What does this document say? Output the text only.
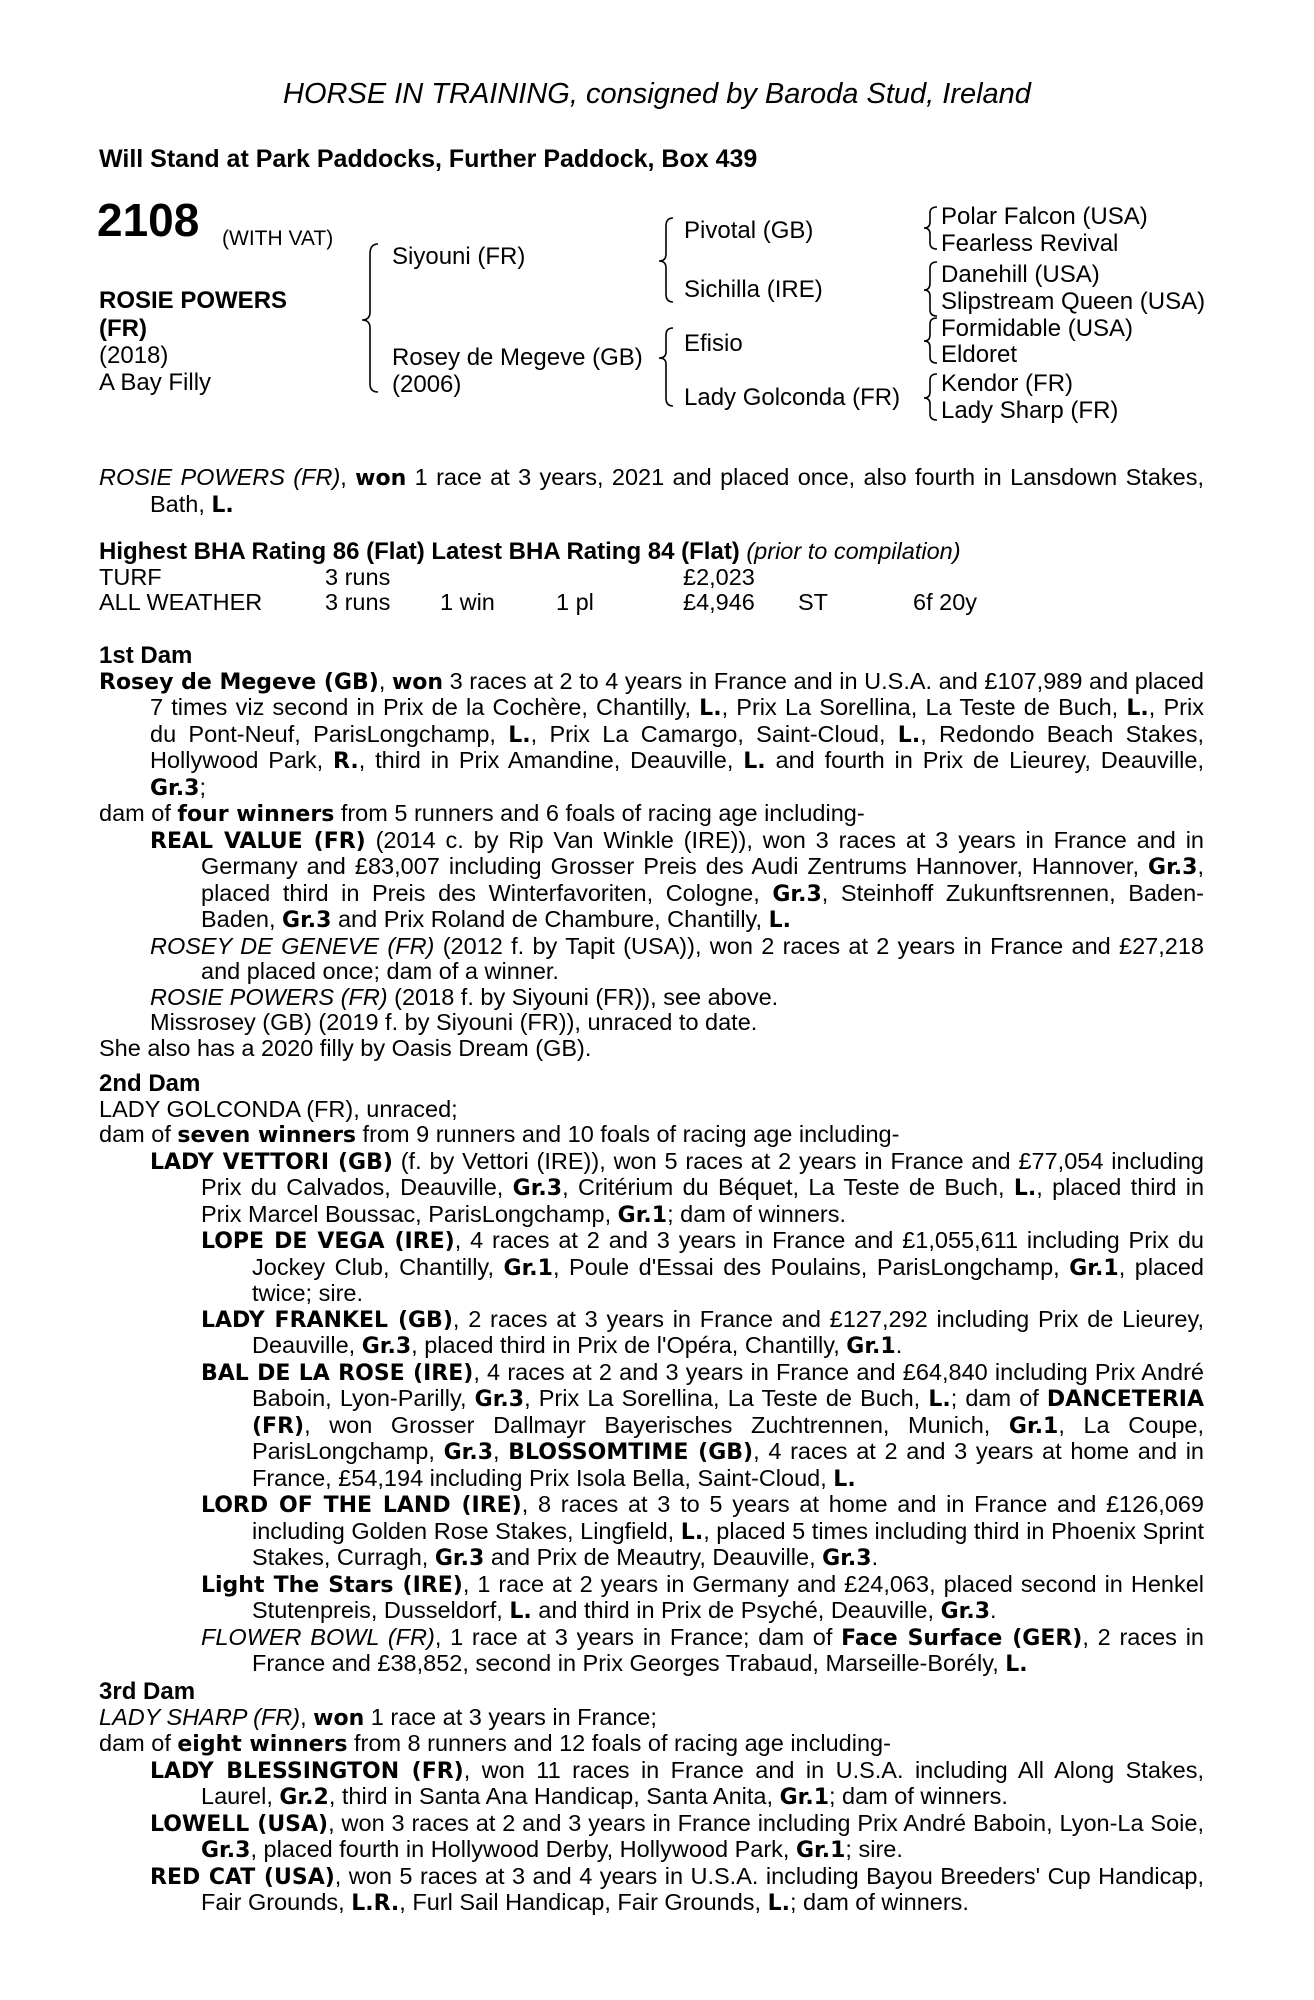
HORSE IN TRAINING, consigned by Baroda Stud, Ireland
Will Stand at Park Paddocks, Further Paddock, Box 439
2108 (WITH VAT)
ROSIE POWERS
(FR)
(2018)
A Bay Filly
Siyouni (FR)
Rosey de Megeve (GB)
(2006)
Pivotal (GB)
Sichilla (IRE)
Efisio
Lady Golconda (FR)
Polar Falcon (USA)
Fearless Revival
Danehill (USA)
Slipstream Queen (USA)
Formidable (USA)
Eldoret
Kendor (FR)
Lady Sharp (FR)

ROSIE POWERS (FR), won 1 race at 3 years, 2021 and placed once, also fourth in Lansdown Stakes, Bath, L.

Highest BHA Rating 86 (Flat) Latest BHA Rating 84 (Flat) (prior to compilation)
TURF	3 runs			£2,023		
ALL WEATHER	3 runs	1 win	1 pl	£4,946	ST	6f 20y
1st Dam

Rosey de Megeve (GB), won 3 races at 2 to 4 years in France and in U.S.A. and £107,989 and placed 7 times viz second in Prix de la Cochère, Chantilly, L., Prix La Sorellina, La Teste de Buch, L., Prix du Pont-Neuf, ParisLongchamp, L., Prix La Camargo, Saint-Cloud, L., Redondo Beach Stakes, Hollywood Park, R., third in Prix Amandine, Deauville, L. and fourth in Prix de Lieurey, Deauville, Gr.3;

dam of four winners from 5 runners and 6 foals of racing age including-

REAL VALUE (FR) (2014 c. by Rip Van Winkle (IRE)), won 3 races at 3 years in France and in Germany and £83,007 including Grosser Preis des Audi Zentrums Hannover, Hannover, Gr.3, placed third in Preis des Winterfavoriten, Cologne, Gr.3, Steinhoff Zukunftsrennen, Baden-Baden, Gr.3 and Prix Roland de Chambure, Chantilly, L.

ROSEY DE GENEVE (FR) (2012 f. by Tapit (USA)), won 2 races at 2 years in France and £27,218 and placed once; dam of a winner.

ROSIE POWERS (FR) (2018 f. by Siyouni (FR)), see above.

Missrosey (GB) (2019 f. by Siyouni (FR)), unraced to date.

She also has a 2020 filly by Oasis Dream (GB).

2nd Dam

LADY GOLCONDA (FR), unraced;

dam of seven winners from 9 runners and 10 foals of racing age including-

LADY VETTORI (GB) (f. by Vettori (IRE)), won 5 races at 2 years in France and £77,054 including Prix du Calvados, Deauville, Gr.3, Critérium du Béquet, La Teste de Buch, L., placed third in Prix Marcel Boussac, ParisLongchamp, Gr.1; dam of winners.

LOPE DE VEGA (IRE), 4 races at 2 and 3 years in France and £1,055,611 including Prix du Jockey Club, Chantilly, Gr.1, Poule d'Essai des Poulains, ParisLongchamp, Gr.1, placed twice; sire.

LADY FRANKEL (GB), 2 races at 3 years in France and £127,292 including Prix de Lieurey, Deauville, Gr.3, placed third in Prix de l'Opéra, Chantilly, Gr.1.

BAL DE LA ROSE (IRE), 4 races at 2 and 3 years in France and £64,840 including Prix André Baboin, Lyon-Parilly, Gr.3, Prix La Sorellina, La Teste de Buch, L.; dam of DANCETERIA (FR), won Grosser Dallmayr Bayerisches Zuchtrennen, Munich, Gr.1, La Coupe, ParisLongchamp, Gr.3, BLOSSOMTIME (GB), 4 races at 2 and 3 years at home and in France, £54,194 including Prix Isola Bella, Saint-Cloud, L.

LORD OF THE LAND (IRE), 8 races at 3 to 5 years at home and in France and £126,069 including Golden Rose Stakes, Lingfield, L., placed 5 times including third in Phoenix Sprint Stakes, Curragh, Gr.3 and Prix de Meautry, Deauville, Gr.3.

Light The Stars (IRE), 1 race at 2 years in Germany and £24,063, placed second in Henkel Stutenpreis, Dusseldorf, L. and third in Prix de Psyché, Deauville, Gr.3.

FLOWER BOWL (FR), 1 race at 3 years in France; dam of Face Surface (GER), 2 races in France and £38,852, second in Prix Georges Trabaud, Marseille-Borély, L.

3rd Dam

LADY SHARP (FR), won 1 race at 3 years in France;

dam of eight winners from 8 runners and 12 foals of racing age including-

LADY BLESSINGTON (FR), won 11 races in France and in U.S.A. including All Along Stakes, Laurel, Gr.2, third in Santa Ana Handicap, Santa Anita, Gr.1; dam of winners.

LOWELL (USA), won 3 races at 2 and 3 years in France including Prix André Baboin, Lyon-La Soie, Gr.3, placed fourth in Hollywood Derby, Hollywood Park, Gr.1; sire.

RED CAT (USA), won 5 races at 3 and 4 years in U.S.A. including Bayou Breeders' Cup Handicap, Fair Grounds, L.R., Furl Sail Handicap, Fair Grounds, L.; dam of winners.
